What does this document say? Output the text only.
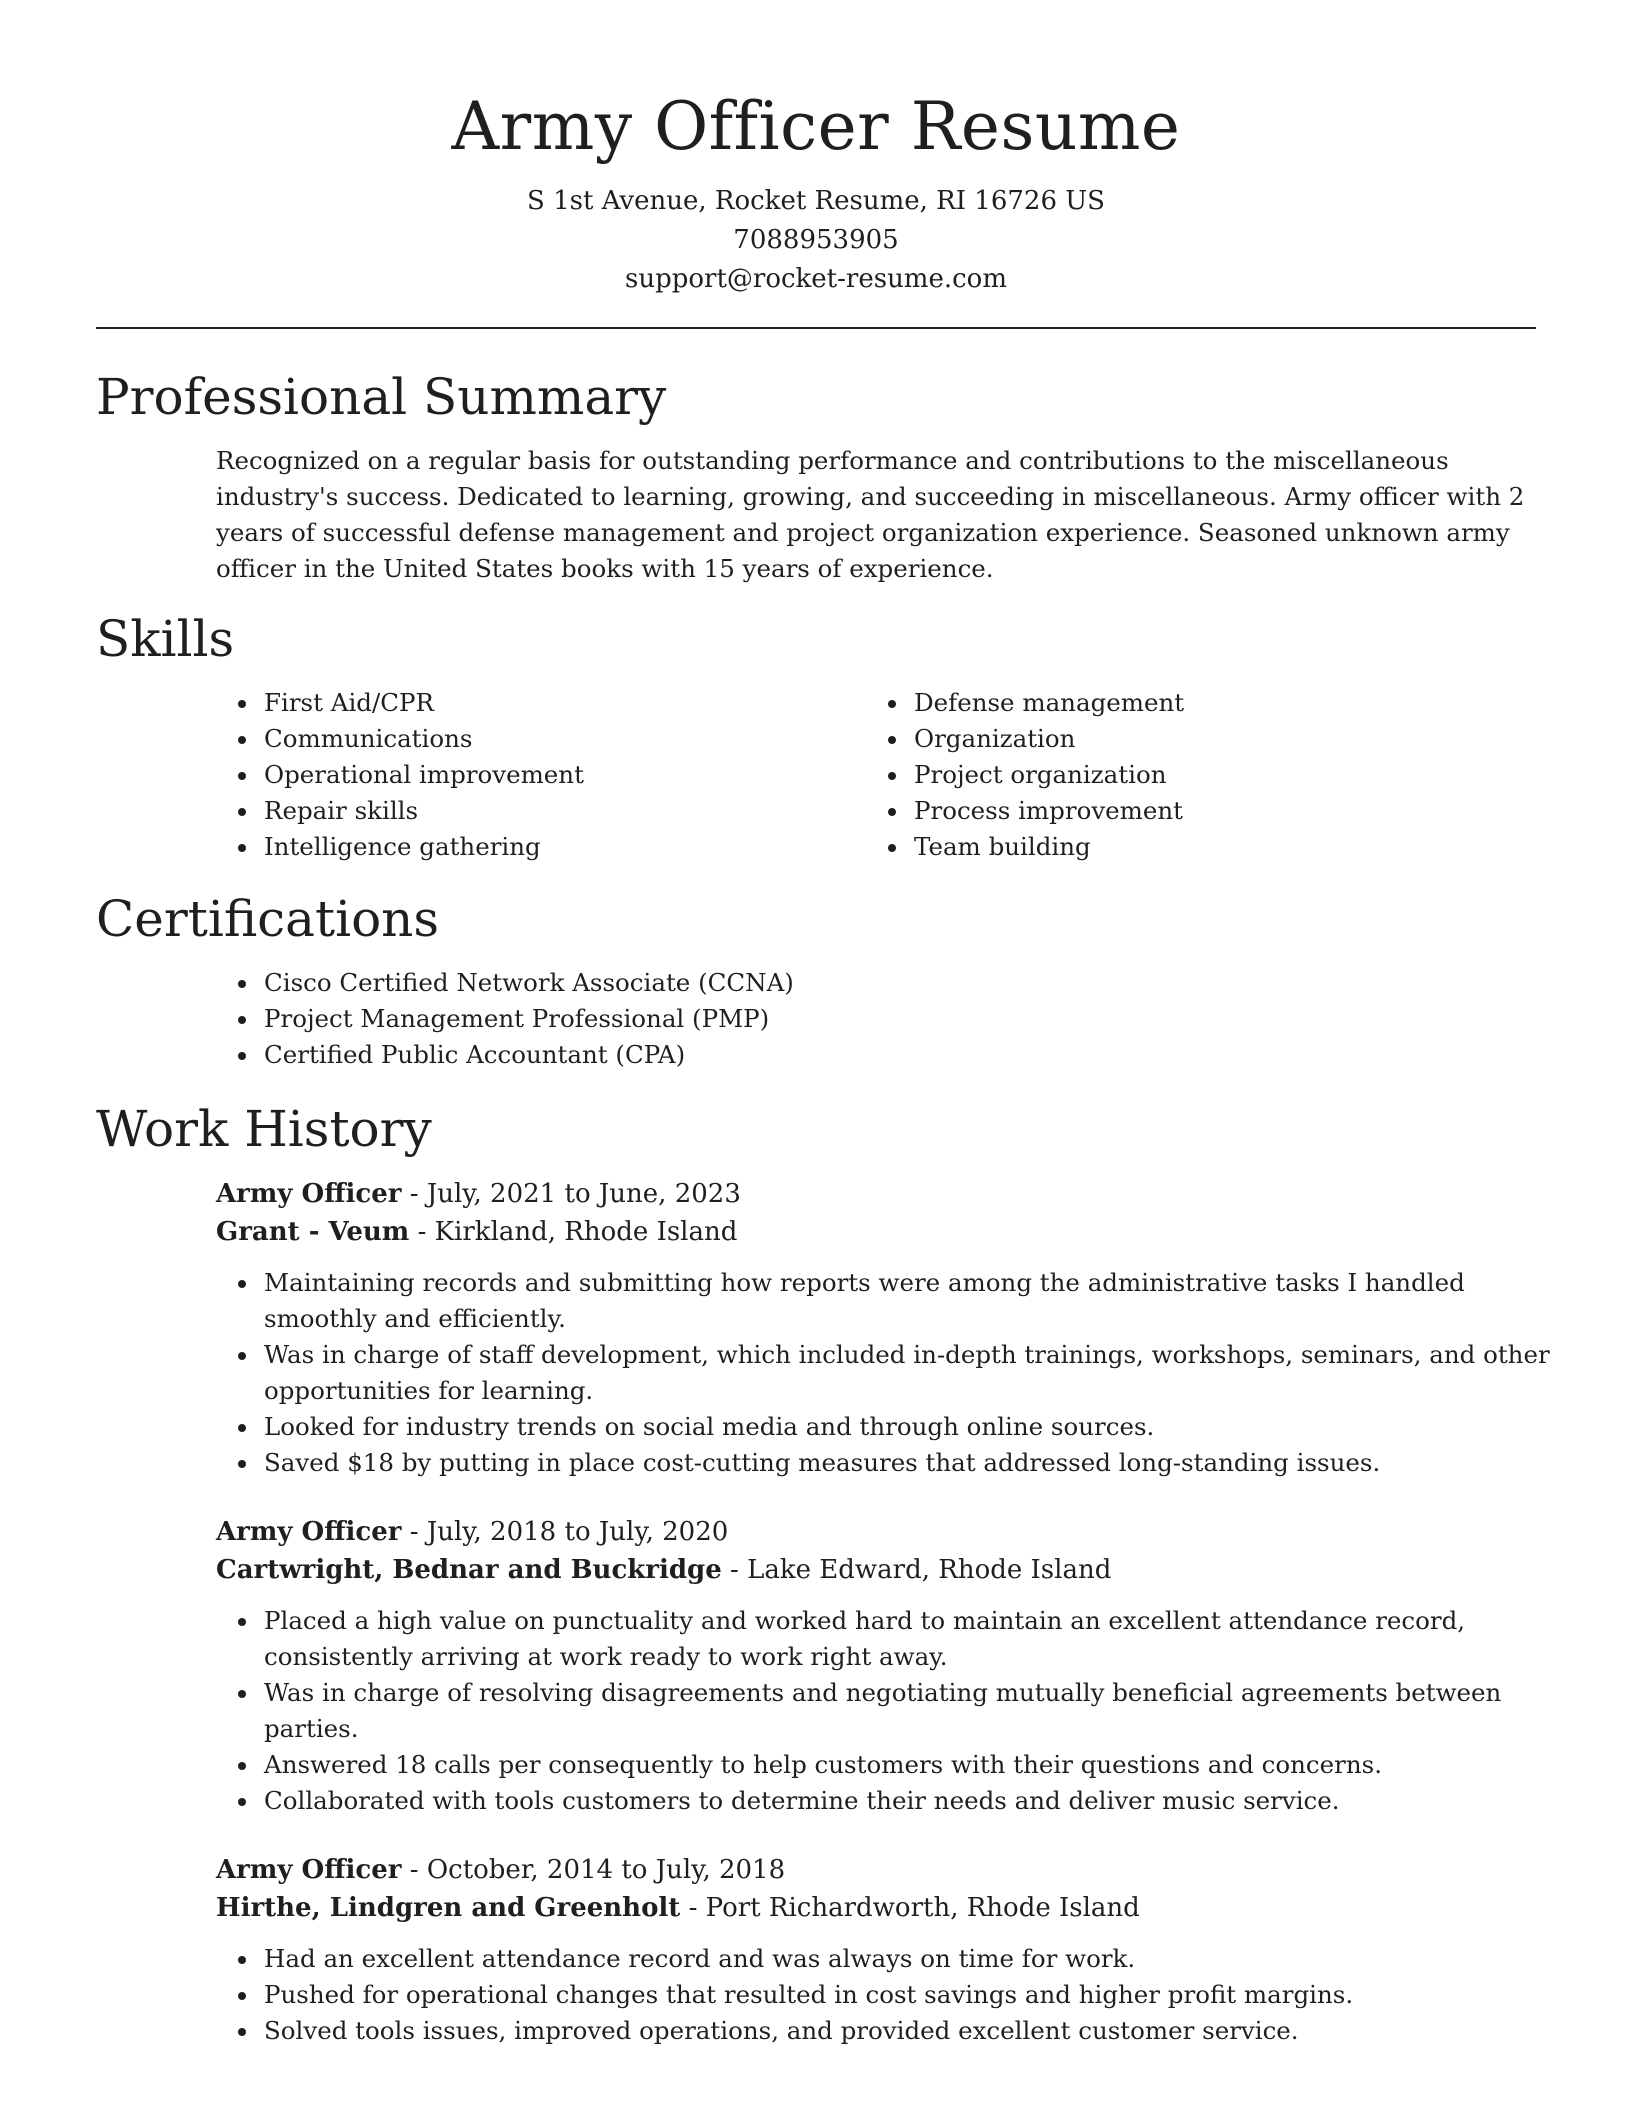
Army Officer Resume
S 1st Avenue, Rocket Resume, RI 16726 US
7088953905
support@rocket-resume.com
Professional Summary
Recognized on a regular basis for outstanding performance and contributions to the miscellaneous industry's success. Dedicated to learning, growing, and succeeding in miscellaneous. Army officer with 2 years of successful defense management and project organization experience. Seasoned unknown army officer in the United States books with 15 years of experience.
Skills
• First Aid/CPR
• Communications
• Operational improvement
• Repair skills
• Intelligence gathering
• Defense management
• Organization
• Project organization
• Process improvement
• Team building
Certifications
• Cisco Certified Network Associate (CCNA)
• Project Management Professional (PMP)
• Certified Public Accountant (CPA)
Work History
Army Officer - July, 2021 to June, 2023
Grant - Veum - Kirkland, Rhode Island
• Maintaining records and submitting how reports were among the administrative tasks I handled smoothly and efficiently.
• Was in charge of staff development, which included in-depth trainings, workshops, seminars, and other opportunities for learning.
• Looked for industry trends on social media and through online sources.
• Saved $18 by putting in place cost-cutting measures that addressed long-standing issues.
Army Officer - July, 2018 to July, 2020
Cartwright, Bednar and Buckridge - Lake Edward, Rhode Island
• Placed a high value on punctuality and worked hard to maintain an excellent attendance record, consistently arriving at work ready to work right away.
• Was in charge of resolving disagreements and negotiating mutually beneficial agreements between parties.
• Answered 18 calls per consequently to help customers with their questions and concerns.
• Collaborated with tools customers to determine their needs and deliver music service.
Army Officer - October, 2014 to July, 2018
Hirthe, Lindgren and Greenholt - Port Richardworth, Rhode Island
• Had an excellent attendance record and was always on time for work.
• Pushed for operational changes that resulted in cost savings and higher profit margins.
• Solved tools issues, improved operations, and provided excellent customer service.
